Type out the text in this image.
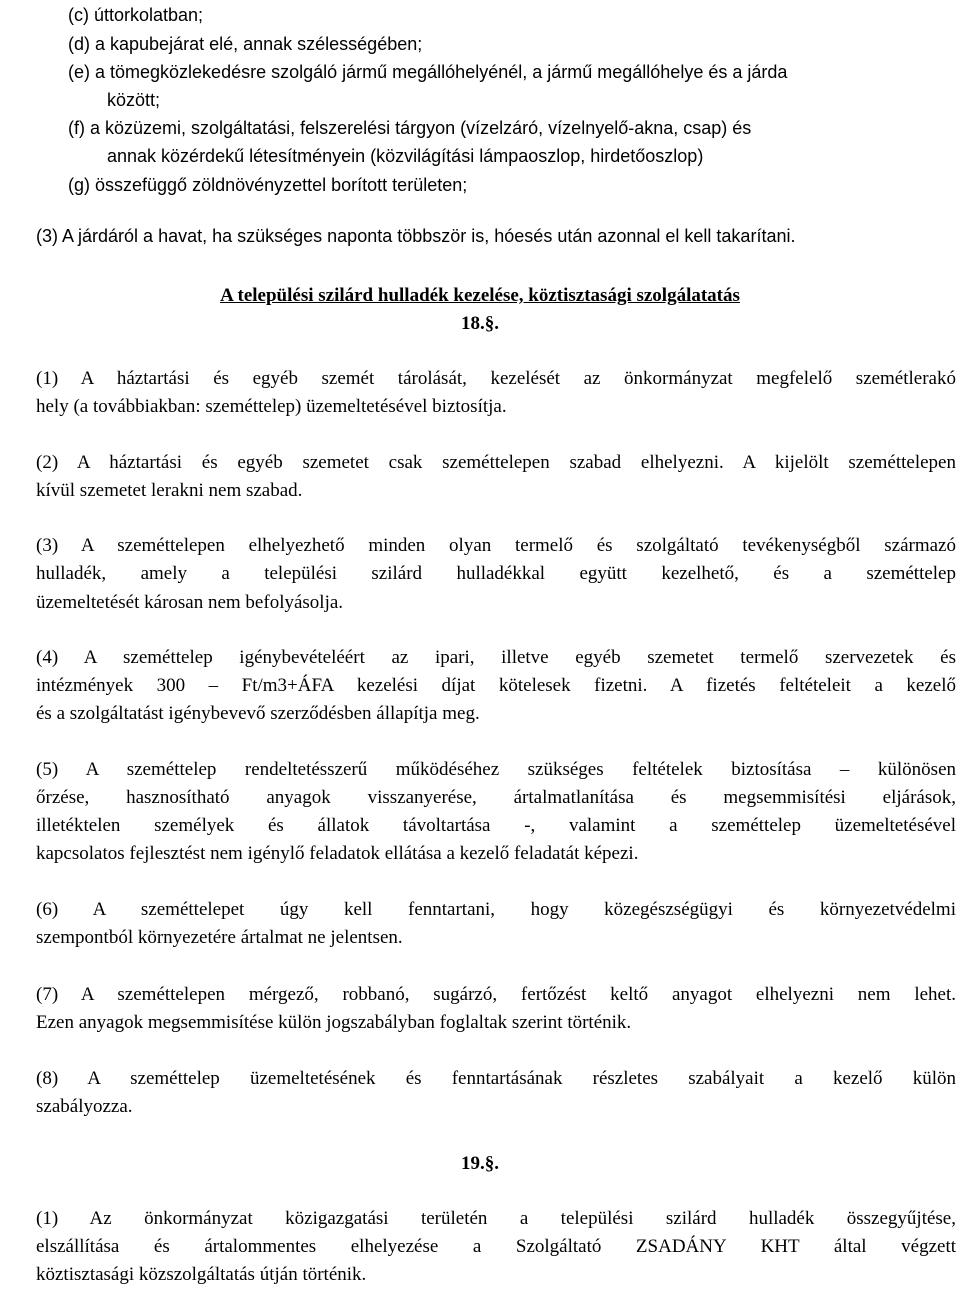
(c) úttorkolatban;
(d) a kapubejárat elé, annak szélességében;
(e) a tömegközlekedésre szolgáló jármű megállóhelyénél, a jármű megállóhelye és a járda
között;
(f) a közüzemi, szolgáltatási, felszerelési tárgyon (vízelzáró, vízelnyelő-akna, csap) és
annak közérdekű létesítményein (közvilágítási lámpaoszlop, hirdetőoszlop)
(g) összefüggő zöldnövényzettel borított területen;
(3) A járdáról a havat, ha szükséges naponta többször is, hóesés után azonnal el kell takarítani.
A települési szilárd hulladék kezelése, köztisztasági szolgálatatás
18.§.
(1) A háztartási és egyéb szemét tárolását, kezelését az önkormányzat megfelelő szemétlerakó
hely (a továbbiakban: szeméttelep) üzemeltetésével biztosítja.
(2) A háztartási és egyéb szemetet csak szeméttelepen szabad elhelyezni. A kijelölt szeméttelepen
kívül szemetet lerakni nem szabad.
(3) A szeméttelepen elhelyezhető minden olyan termelő és szolgáltató tevékenységből származó
hulladék, amely a települési szilárd hulladékkal együtt kezelhető, és a szeméttelep
üzemeltetését károsan nem befolyásolja.
(4) A szeméttelep igénybevételéért az ipari, illetve egyéb szemetet termelő szervezetek és
intézmények 300 – Ft/m3+ÁFA kezelési díjat kötelesek fizetni. A fizetés feltételeit a kezelő
és a szolgáltatást igénybevevő szerződésben állapítja meg.
(5) A szeméttelep rendeltetésszerű működéséhez szükséges feltételek biztosítása – különösen
őrzése, hasznosítható anyagok visszanyerése, ártalmatlanítása és megsemmisítési eljárások,
illetéktelen személyek és állatok távoltartása -, valamint a szeméttelep üzemeltetésével
kapcsolatos fejlesztést nem igénylő feladatok ellátása a kezelő feladatát képezi.
(6) A szeméttelepet úgy kell fenntartani, hogy közegészségügyi és környezetvédelmi
szempontból környezetére ártalmat ne jelentsen.
(7) A szeméttelepen mérgező, robbanó, sugárzó, fertőzést keltő anyagot elhelyezni nem lehet.
Ezen anyagok megsemmisítése külön jogszabályban foglaltak szerint történik.
(8) A szeméttelep üzemeltetésének és fenntartásának részletes szabályait a kezelő külön
szabályozza.
19.§.
(1) Az önkormányzat közigazgatási területén a települési szilárd hulladék összegyűjtése,
elszállítása és ártalommentes elhelyezése a Szolgáltató ZSADÁNY KHT által végzett
köztisztasági közszolgáltatás útján történik.
